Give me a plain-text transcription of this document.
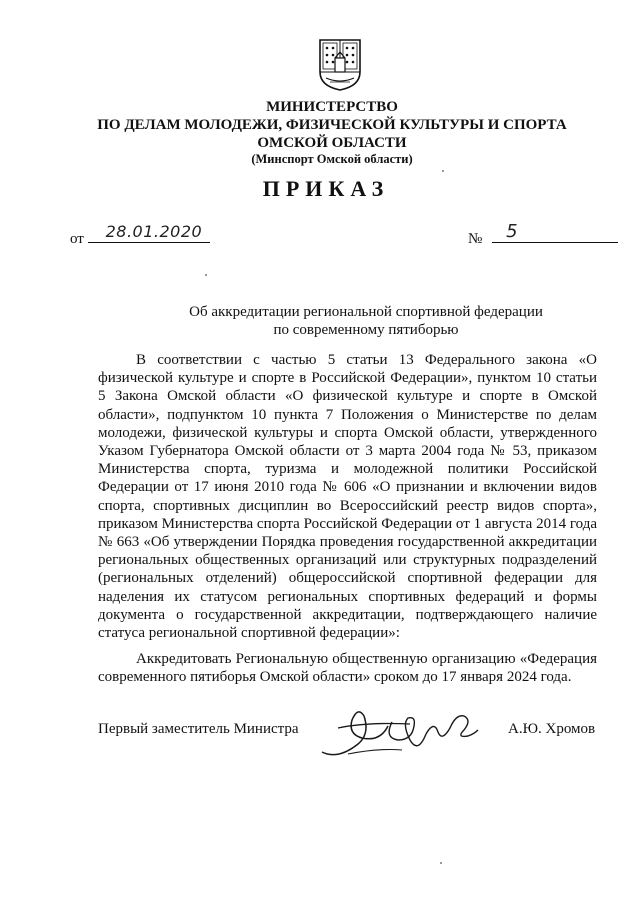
МИНИСТЕРСТВО
ПО ДЕЛАМ МОЛОДЕЖИ, ФИЗИЧЕСКОЙ КУЛЬТУРЫ И СПОРТА
ОМСКОЙ ОБЛАСТИ
(Минспорт Омской области)
ПРИКАЗ
от 28.01.2020	№ 5
Об аккредитации региональной спортивной федерации
по современному пятиборью

В соответствии с частью 5 статьи 13 Федерального закона «О физической культуре и спорте в Российской Федерации», пунктом 10 статьи 5 Закона Омской области «О физической культуре и спорте в Омской области», подпунктом 10 пункта 7 Положения о Министерстве по делам молодежи, физической культуры и спорта Омской области, утвержденного Указом Губернатора Омской области от 3 марта 2004 года № 53, приказом Министерства спорта, туризма и молодежной политики Российской Федерации от 17 июня 2010 года № 606 «О признании и включении видов спорта, спортивных дисциплин во Всероссийский реестр видов спорта», приказом Министерства спорта Российской Федерации от 1 августа 2014 года № 663 «Об утверждении Порядка проведения государственной аккредитации региональных общественных организаций или структурных подразделений (региональных отделений) общероссийской спортивной федерации для наделения их статусом региональных спортивных федераций и формы документа о государственной аккредитации, подтверждающего наличие статуса региональной спортивной федерации»:

Аккредитовать Региональную общественную организацию «Федерация современного пятиборья Омской области» сроком до 17 января 2024 года.

Первый заместитель Министра	А.Ю. Хромов
